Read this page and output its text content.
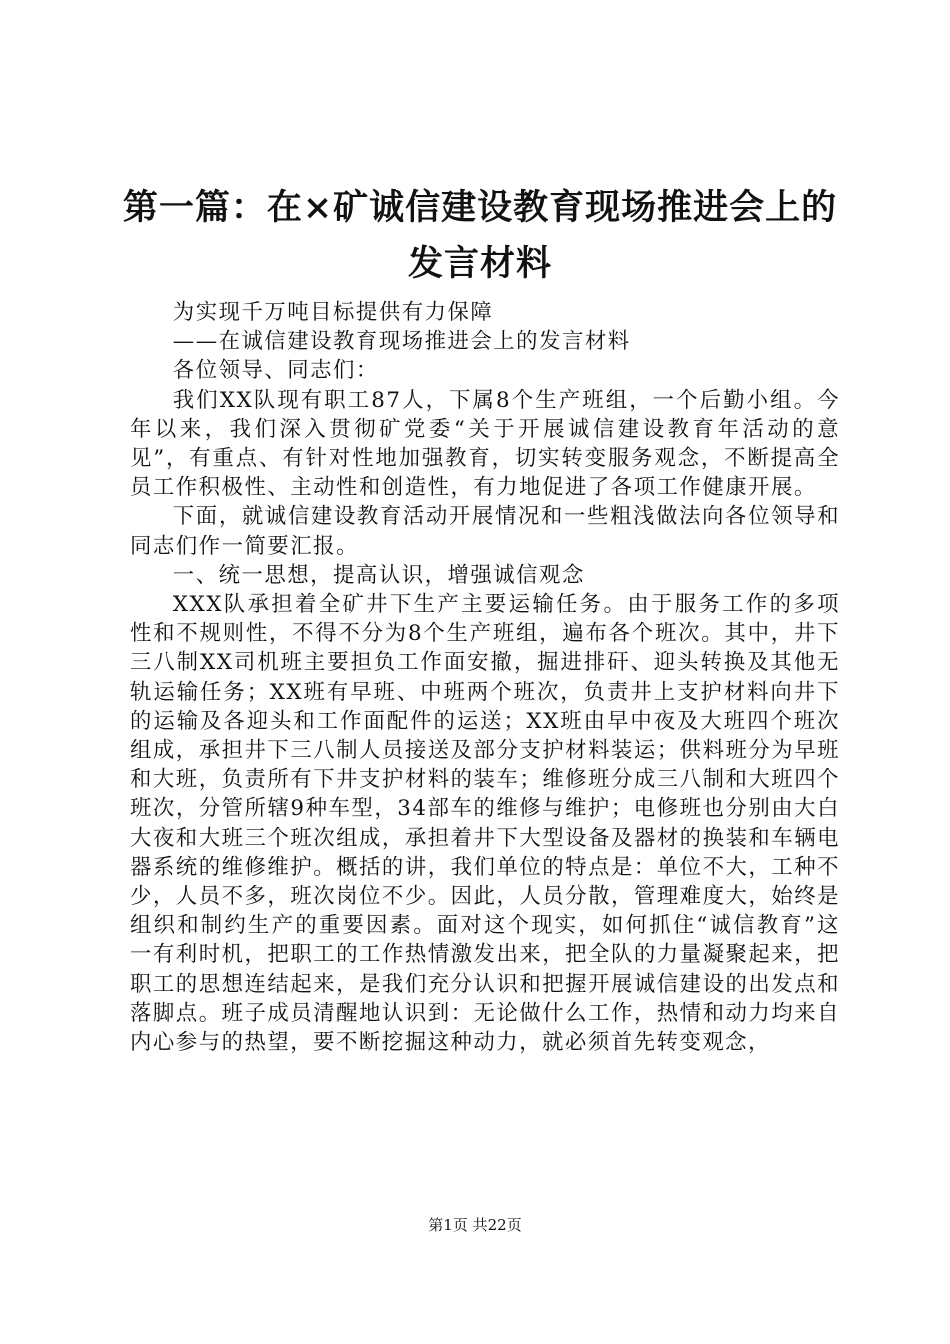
第一篇：在×矿诚信建设教育现场推进会上的
发言材料

为实现千万吨目标提供有力保障

——在诚信建设教育现场推进会上的发言材料

各位领导、同志们：

我们XX队现有职工87人，下属8个生产班组，一个后勤小组。今年以来，我们深入贯彻矿党委“关于开展诚信建设教育年活动的意见”，有重点、有针对性地加强教育，切实转变服务观念，不断提高全员工作积极性、主动性和创造性，有力地促进了各项工作健康开展。

下面，就诚信建设教育活动开展情况和一些粗浅做法向各位领导和同志们作一简要汇报。

一、统一思想，提高认识，增强诚信观念

XXX队承担着全矿井下生产主要运输任务。由于服务工作的多项性和不规则性，不得不分为8个生产班组，遍布各个班次。其中，井下三八制XX司机班主要担负工作面安撤，掘进排矸、迎头转换及其他无轨运输任务；XX班有早班、中班两个班次，负责井上支护材料向井下的运输及各迎头和工作面配件的运送；XX班由早中夜及大班四个班次组成，承担井下三八制人员接送及部分支护材料装运；供料班分为早班和大班，负责所有下井支护材料的装车；维修班分成三八制和大班四个班次，分管所辖9种车型，34部车的维修与维护；电修班也分别由大白大夜和大班三个班次组成，承担着井下大型设备及器材的换装和车辆电器系统的维修维护。概括的讲，我们单位的特点是：单位不大，工种不少，人员不多，班次岗位不少。因此，人员分散，管理难度大，始终是组织和制约生产的重要因素。面对这个现实，如何抓住“诚信教育”这一有利时机，把职工的工作热情激发出来，把全队的力量凝聚起来，把职工的思想连结起来，是我们充分认识和把握开展诚信建设的出发点和落脚点。班子成员清醒地认识到：无论做什么工作，热情和动力均来自内心参与的热望，要不断挖掘这种动力，就必须首先转变观念，

第1页 共22页
